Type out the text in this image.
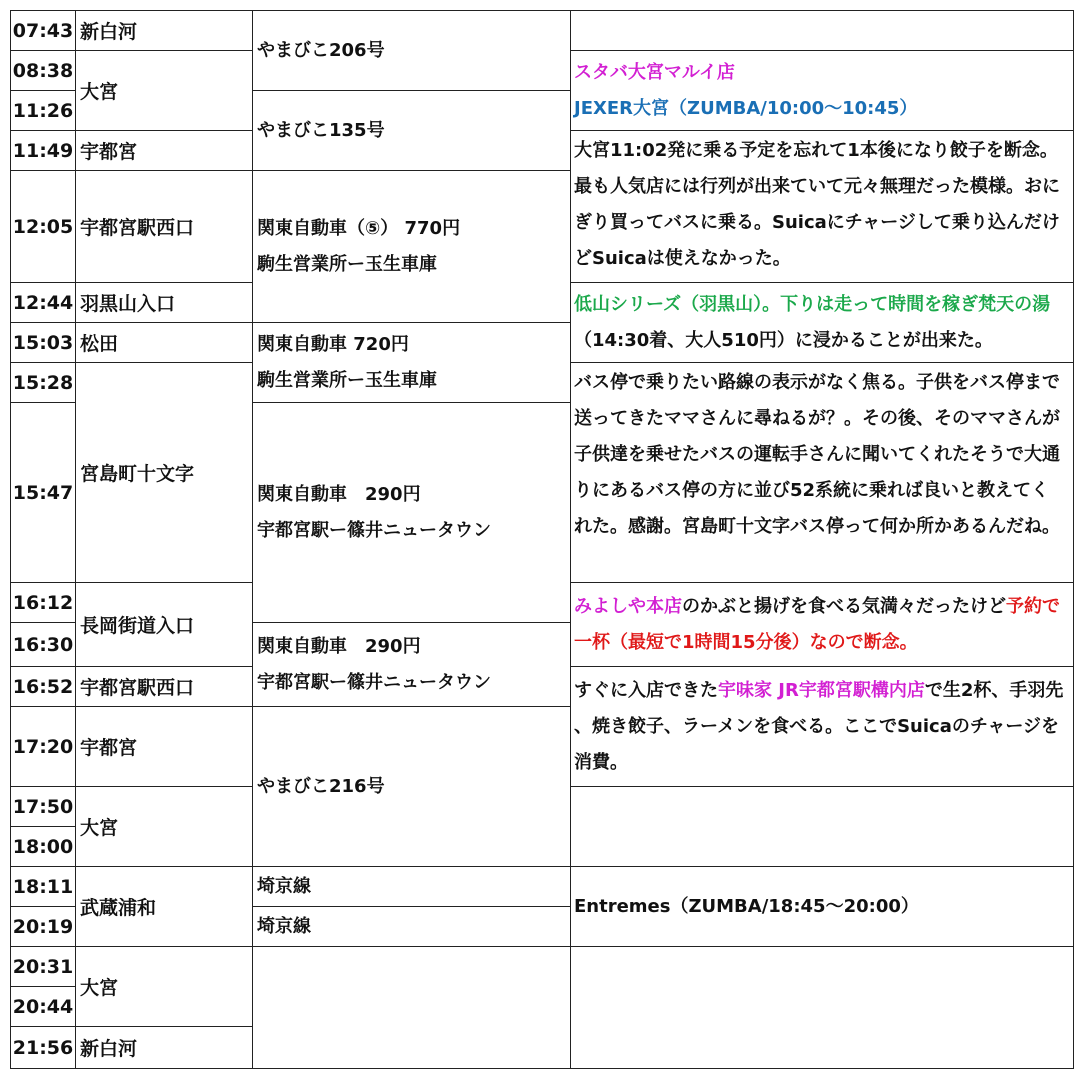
07:43
08:38
11:26
11:49
12:05
12:44
15:03
15:28
15:47
16:12
16:30
16:52
17:20
17:50
18:00
18:11
20:19
20:31
20:44
21:56
新白河
大宮
宇都宮
宇都宮駅西口
羽黒山入口
松田
宮島町十文字
長岡街道入口
宇都宮駅西口
宇都宮
大宮
武蔵浦和
大宮
新白河
やまびこ206号
やまびこ135号
関東自動車（⑤） 770円
駒生営業所ー玉生車庫
関東自動車 720円
駒生営業所ー玉生車庫
関東自動車　290円
宇都宮駅ー篠井ニュータウン
関東自動車　290円
宇都宮駅ー篠井ニュータウン
やまびこ216号
埼京線
埼京線
スタバ大宮マルイ店
JEXER大宮（ZUMBA/10:00〜10:45）
大宮11:02発に乗る予定を忘れて1本後になり餃子を断念。
最も人気店には行列が出来ていて元々無理だった模様。おに
ぎり買ってバスに乗る。Suicaにチャージして乗り込んだけ
どSuicaは使えなかった。
低山シリーズ（羽黒山）。下りは走って時間を稼ぎ梵天の湯
（14:30着、大人510円）に浸かることが出来た。
バス停で乗りたい路線の表示がなく焦る。子供をバス停まで
送ってきたママさんに尋ねるが？。その後、そのママさんが
子供達を乗せたバスの運転手さんに聞いてくれたそうで大通
りにあるバス停の方に並び52系統に乗れば良いと教えてく
れた。感謝。宮島町十文字バス停って何か所かあるんだね。
みよしや本店のかぶと揚げを食べる気満々だったけど予約で
一杯（最短で1時間15分後）なので断念。
すぐに入店できた宇味家 JR宇都宮駅構内店で生2杯、手羽先
、焼き餃子、ラーメンを食べる。ここでSuicaのチャージを
消費。
Entremes（ZUMBA/18:45〜20:00）
